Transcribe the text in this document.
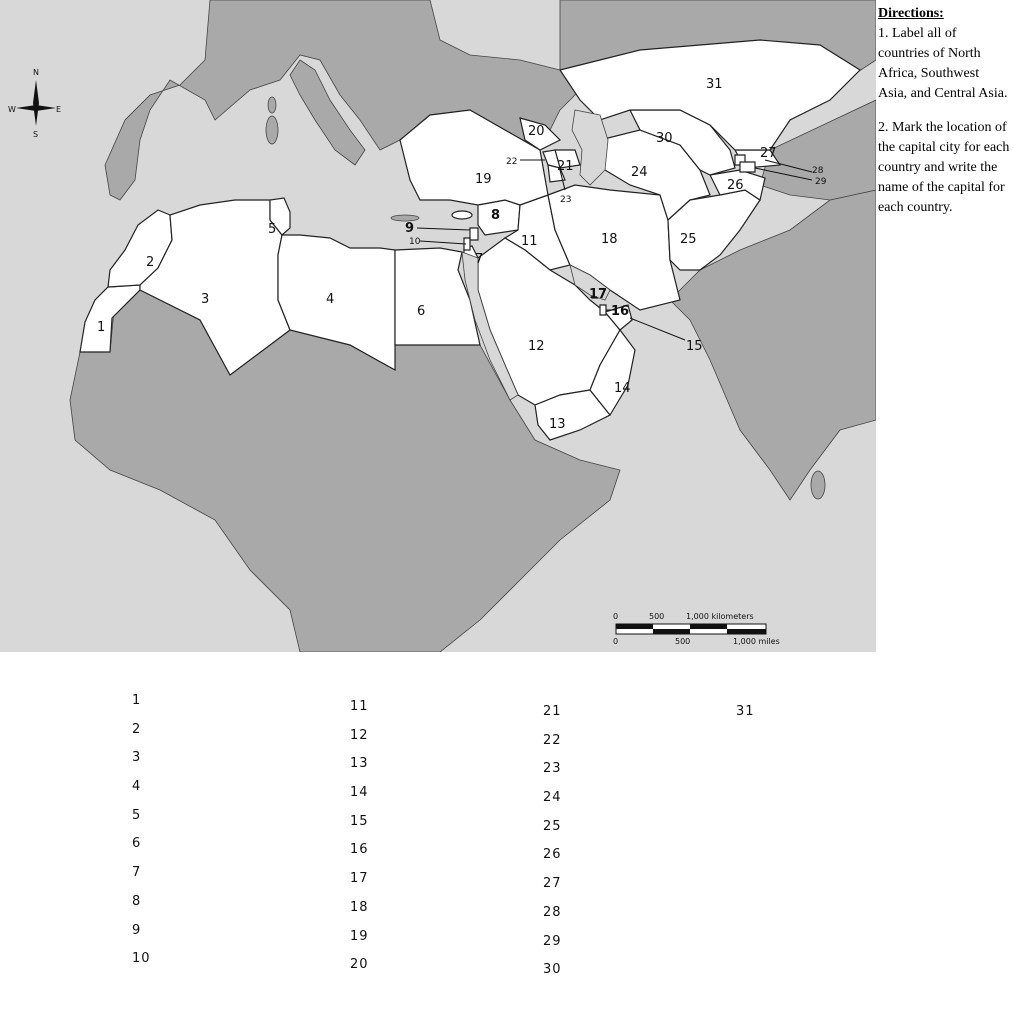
1
2
3	4
5
6
7
8
9
10	11
12
13
14
15
16
17
18
19
20
21
22
23
24
25
26
27
28
29
30
31
N
S
E
W
0	500	1,000 kilometers
0	500	1,000 miles
Directions:
1. Label all of countries of North Africa, Southwest Asia, and Central Asia.
2. Mark the location of the capital city for each country and write the name of the capital for each country.
1
2
3
4
5
6
7
8
9
10
11
12
13
14
15
16
17
18
19
20
21
22
23
24
25
26
27
28
29
30
31
